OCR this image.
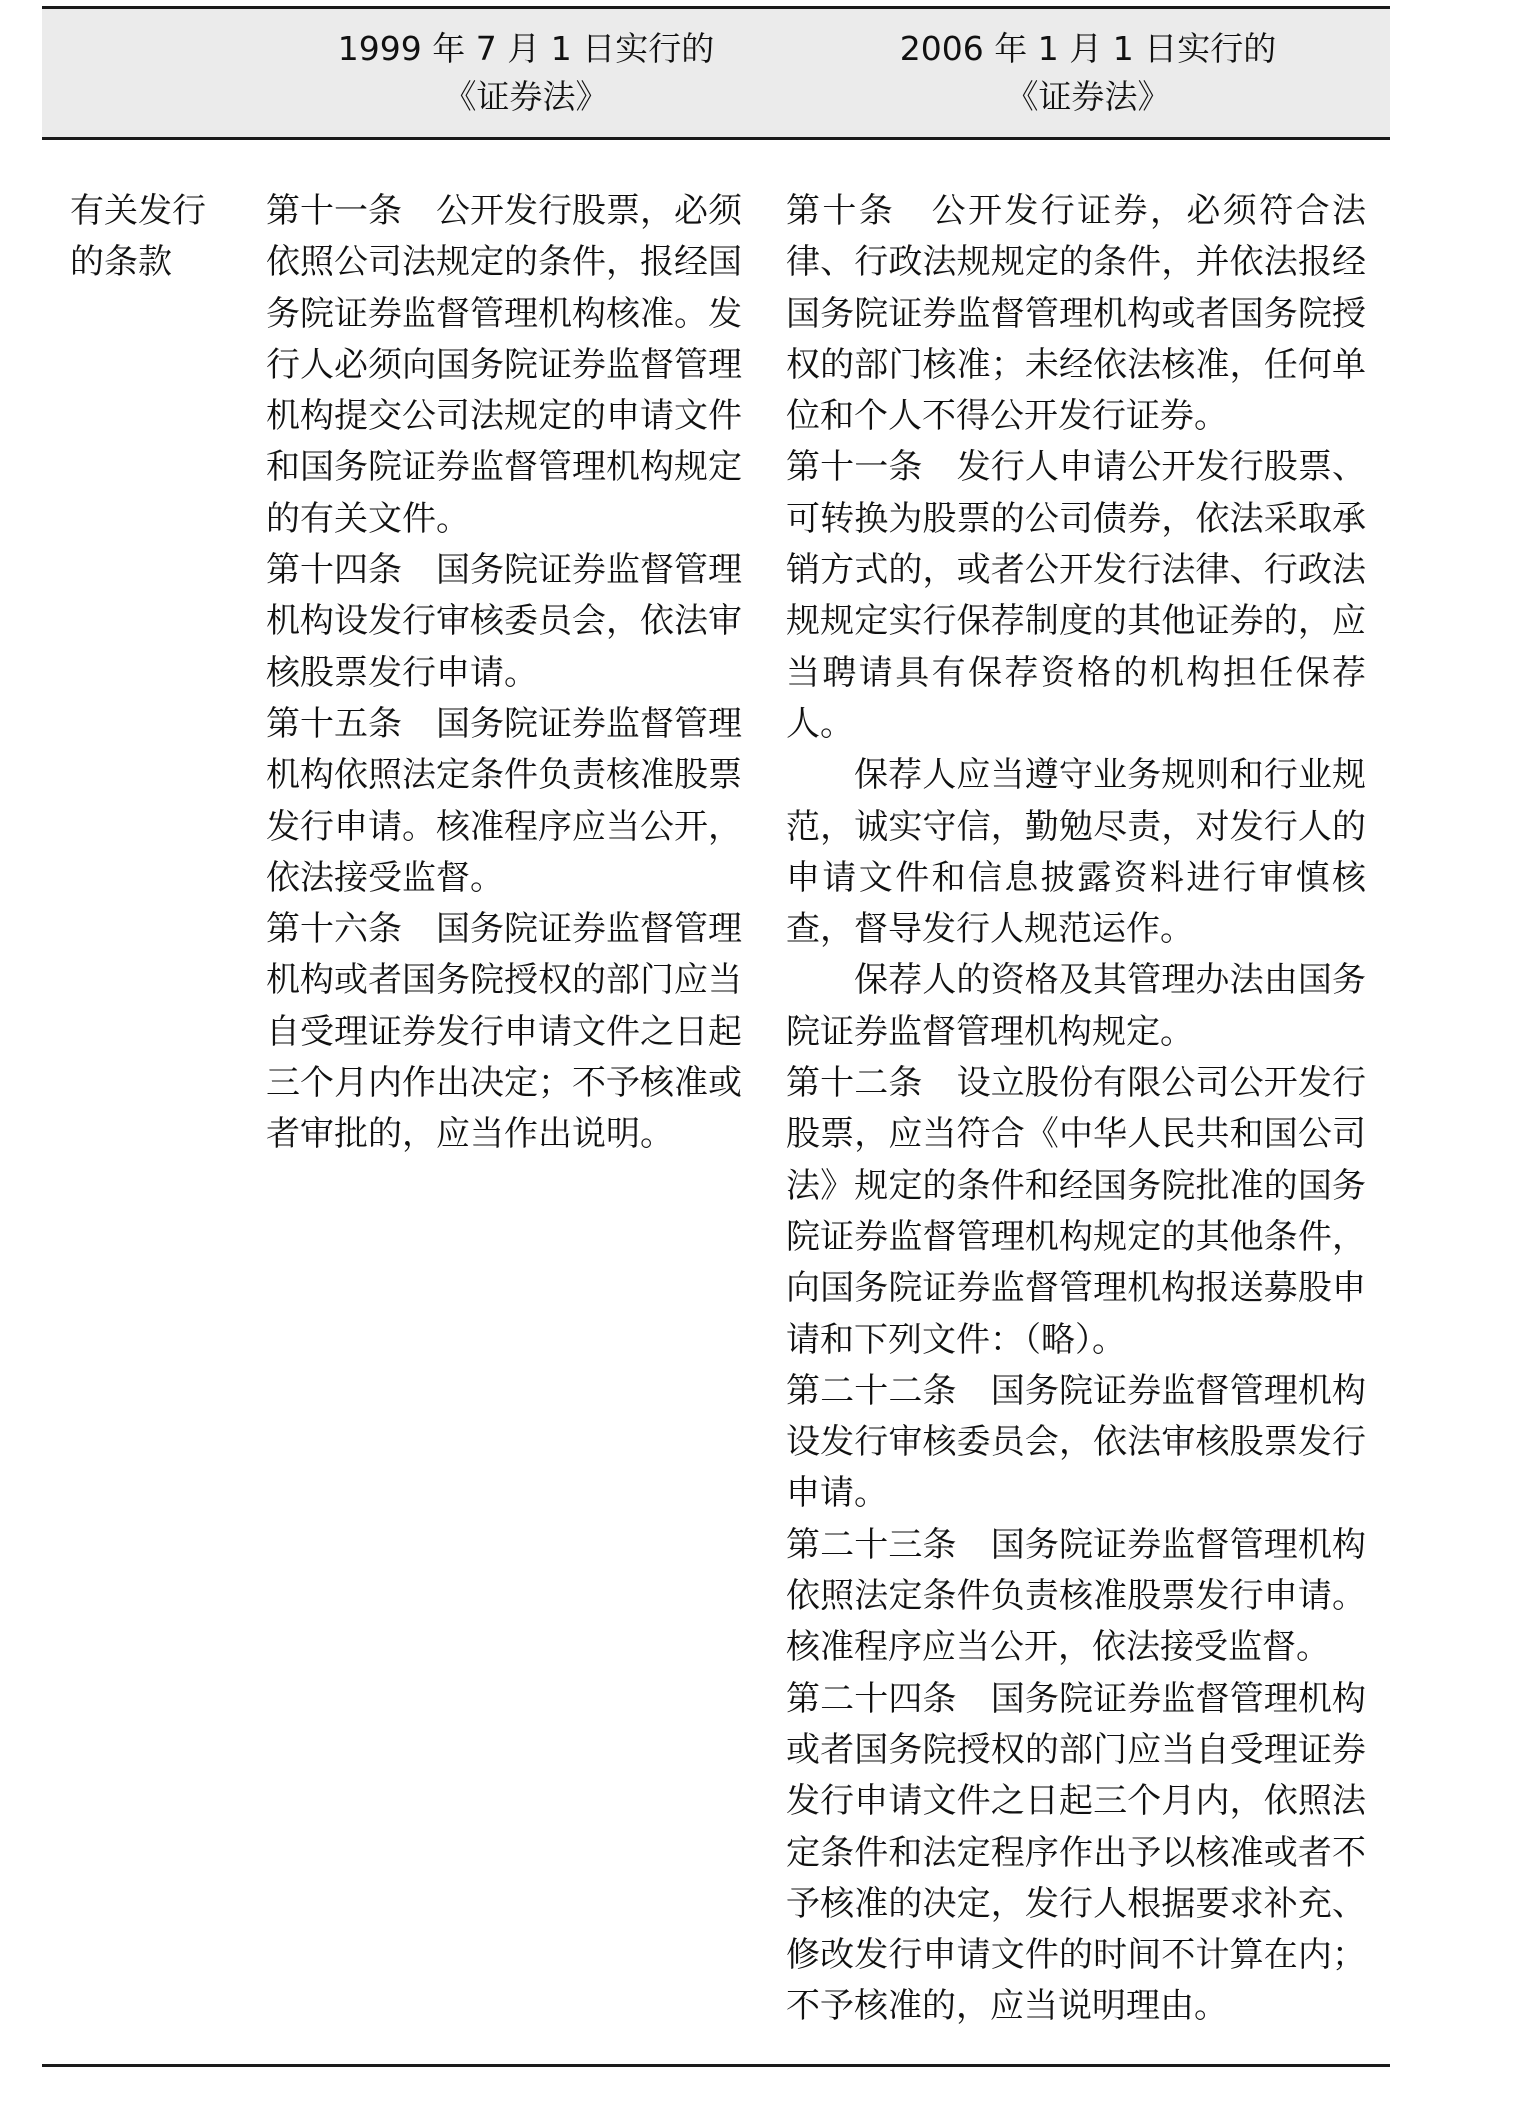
1999 年 7 月 1 日实行的
《证券法》
2006 年 1 月 1 日实行的
《证券法》
有关发行的条款

第十一条　公开发行股票，必须依照公司法规定的条件，报经国务院证券监督管理机构核准。发行人必须向国务院证券监督管理机构提交公司法规定的申请文件和国务院证券监督管理机构规定的有关文件。

第十四条　国务院证券监督管理机构设发行审核委员会，依法审核股票发行申请。

第十五条　国务院证券监督管理机构依照法定条件负责核准股票发行申请。核准程序应当公开，依法接受监督。

第十六条　国务院证券监督管理机构或者国务院授权的部门应当自受理证券发行申请文件之日起三个月内作出决定；不予核准或者审批的，应当作出说明。

第十条　公开发行证券，必须符合法律、行政法规规定的条件，并依法报经国务院证券监督管理机构或者国务院授权的部门核准；未经依法核准，任何单位和个人不得公开发行证券。

第十一条　发行人申请公开发行股票、可转换为股票的公司债券，依法采取承销方式的，或者公开发行法律、行政法规规定实行保荐制度的其他证券的，应当聘请具有保荐资格的机构担任保荐人。

保荐人应当遵守业务规则和行业规范，诚实守信，勤勉尽责，对发行人的申请文件和信息披露资料进行审慎核查，督导发行人规范运作。

保荐人的资格及其管理办法由国务院证券监督管理机构规定。

第十二条　设立股份有限公司公开发行股票，应当符合《中华人民共和国公司法》规定的条件和经国务院批准的国务院证券监督管理机构规定的其他条件，向国务院证券监督管理机构报送募股申请和下列文件：（略）。

第二十二条　国务院证券监督管理机构设发行审核委员会，依法审核股票发行申请。

第二十三条　国务院证券监督管理机构依照法定条件负责核准股票发行申请。核准程序应当公开，依法接受监督。

第二十四条　国务院证券监督管理机构或者国务院授权的部门应当自受理证券发行申请文件之日起三个月内，依照法定条件和法定程序作出予以核准或者不予核准的决定，发行人根据要求补充、修改发行申请文件的时间不计算在内；不予核准的，应当说明理由。
